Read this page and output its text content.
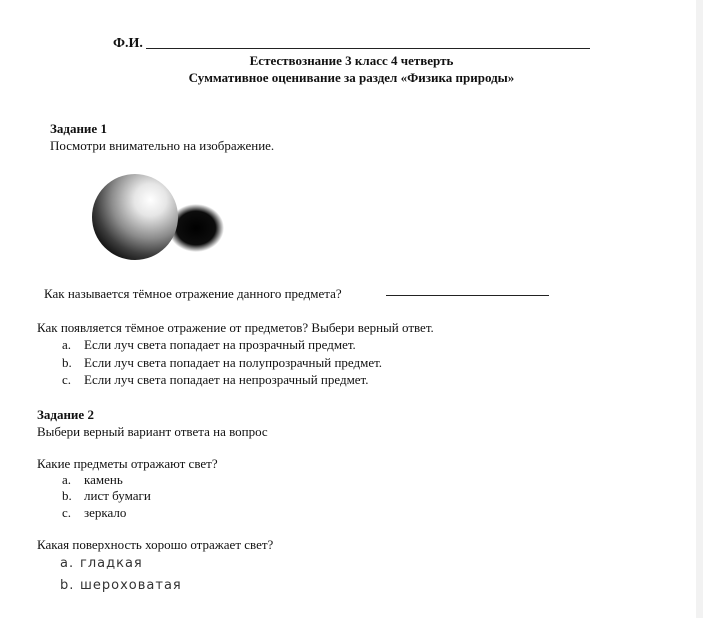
Ф.И.
Естествознание 3 класс 4 четверть
Суммативное оценивание за раздел «Физика природы»
Задание 1
Посмотри внимательно на изображение.
Как называется тёмное отражение данного предмета?
Как появляется тёмное отражение от предметов? Выбери верный ответ.
a. Если луч света попадает на прозрачный предмет.
b. Если луч света попадает на полупрозрачный предмет.
c. Если луч света попадает на непрозрачный предмет.
Задание 2
Выбери верный вариант ответа на вопрос
Какие предметы отражают свет?
a. камень
b. лист бумаги
c. зеркало
Какая поверхность хорошо отражает свет?
a. гладкая
b. шероховатая
